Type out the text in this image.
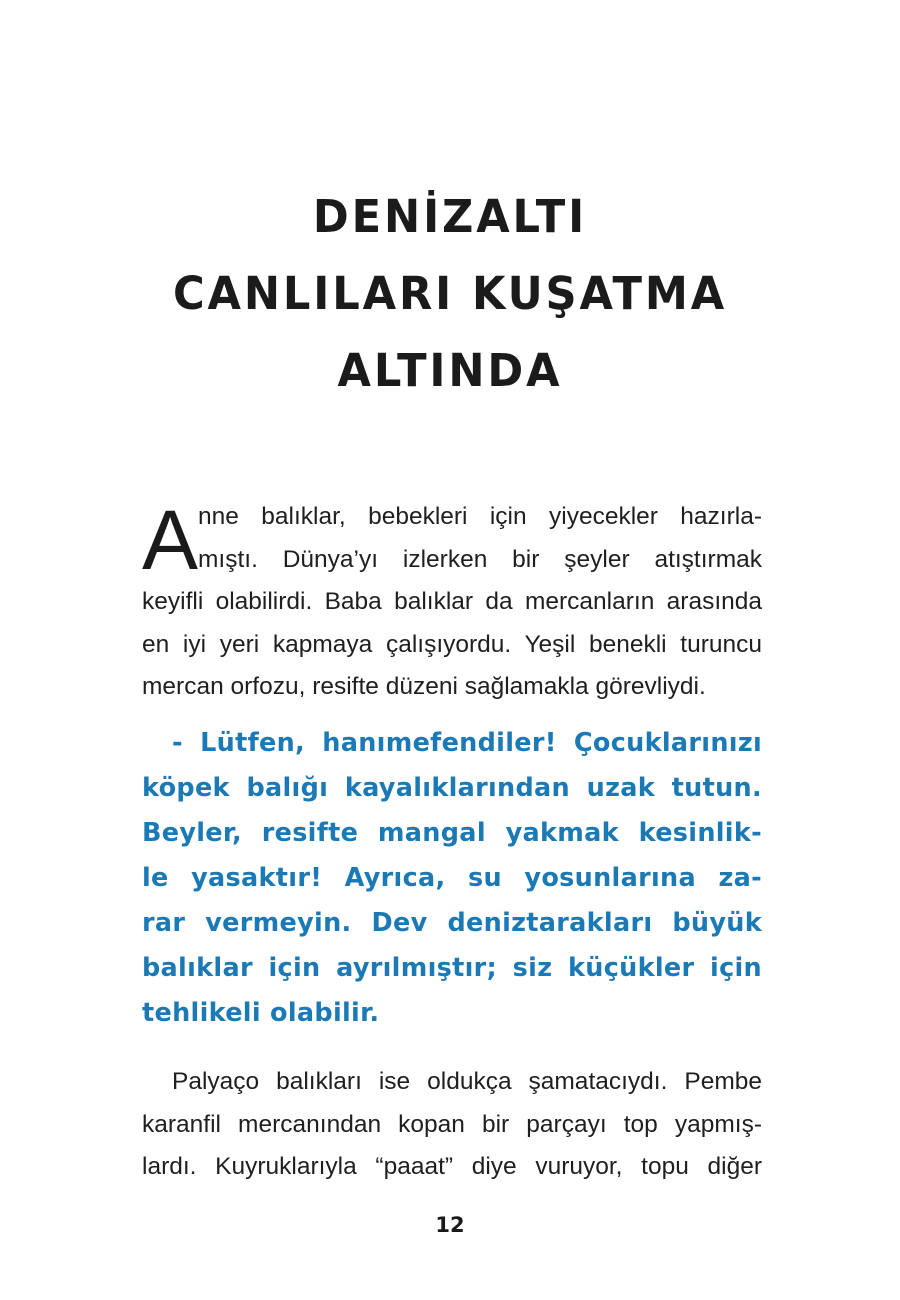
DENİZALTI
CANLILARI KUŞATMA
ALTINDA

A nne balıklar, bebekleri için yiyecekler hazırla-
mıştı. Dünya’yı izlerken bir şeyler atıştırmak
keyifli olabilirdi. Baba balıklar da mercanların arasında
en iyi yeri kapmaya çalışıyordu. Yeşil benekli turuncu
mercan orfozu, resifte düzeni sağlamakla görevliydi.

- Lütfen, hanımefendiler! Çocuklarınızı
köpek balığı kayalıklarından uzak tutun.
Beyler, resifte mangal yakmak kesinlik-
le yasaktır! Ayrıca, su yosunlarına za-
rar vermeyin. Dev deniztarakları büyük
balıklar için ayrılmıştır; siz küçükler için
tehlikeli olabilir.

Palyaço balıkları ise oldukça şamatacıydı. Pembe
karanfil mercanından kopan bir parçayı top yapmış-
lardı. Kuyruklarıyla “paaat” diye vuruyor, topu diğer

12
